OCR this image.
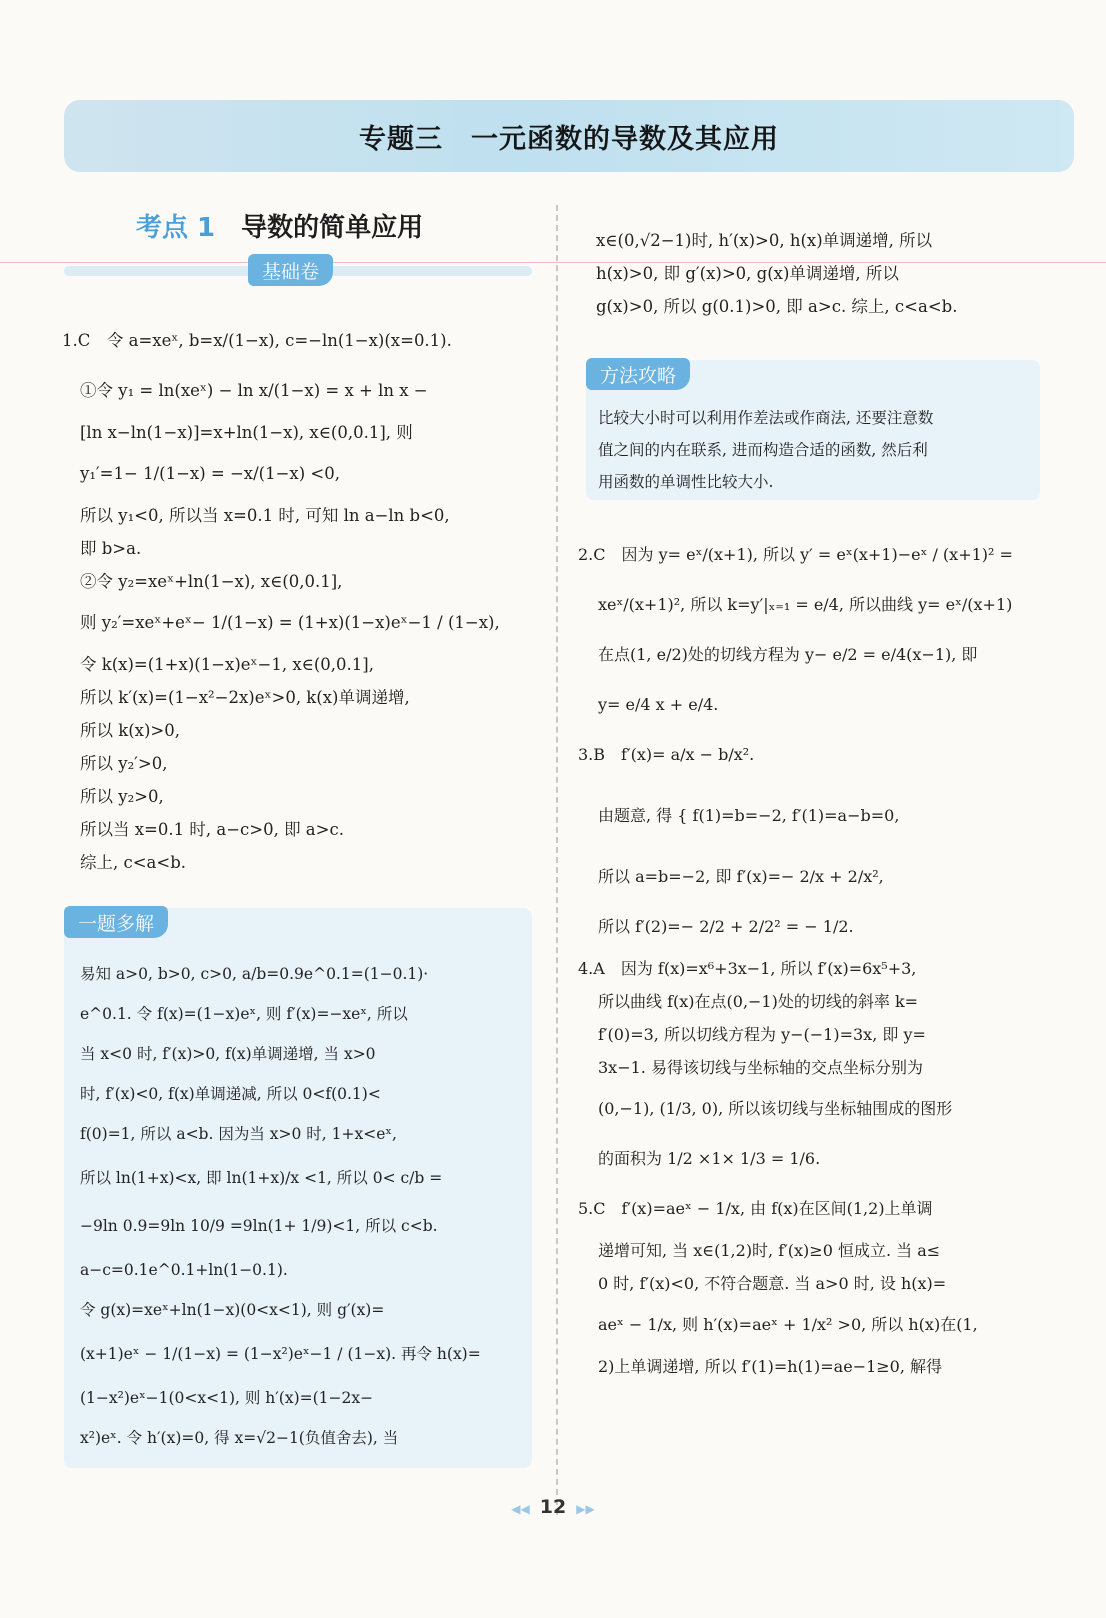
专题三　一元函数的导数及其应用
考点 1 导数的简单应用
基础卷
1.C　令 a=xeˣ, b=x/(1−x), c=−ln(1−x)(x=0.1).
①令 y₁ = ln(xeˣ) − ln x/(1−x) = x + ln x −
[ln x−ln(1−x)]=x+ln(1−x), x∈(0,0.1], 则
y₁′=1− 1/(1−x) = −x/(1−x) <0,
所以 y₁<0, 所以当 x=0.1 时, 可知 ln a−ln b<0,
即 b>a.
②令 y₂=xeˣ+ln(1−x), x∈(0,0.1],
则 y₂′=xeˣ+eˣ− 1/(1−x) = (1+x)(1−x)eˣ−1 / (1−x),
令 k(x)=(1+x)(1−x)eˣ−1, x∈(0,0.1],
所以 k′(x)=(1−x²−2x)eˣ>0, k(x)单调递增,
所以 k(x)>0,
所以 y₂′>0,
所以 y₂>0,
所以当 x=0.1 时, a−c>0, 即 a>c.
综上, c<a<b.
易知 a>0, b>0, c>0, a/b=0.9e^0.1=(1−0.1)·
e^0.1. 令 f(x)=(1−x)eˣ, 则 f′(x)=−xeˣ, 所以
当 x<0 时, f′(x)>0, f(x)单调递增, 当 x>0
时, f′(x)<0, f(x)单调递减, 所以 0<f(0.1)<
f(0)=1, 所以 a<b. 因为当 x>0 时, 1+x<eˣ,
所以 ln(1+x)<x, 即 ln(1+x)/x <1, 所以 0< c/b =
−9ln 0.9=9ln 10/9 =9ln(1+ 1/9)<1, 所以 c<b.
a−c=0.1e^0.1+ln(1−0.1).
令 g(x)=xeˣ+ln(1−x)(0<x<1), 则 g′(x)=
(x+1)eˣ − 1/(1−x) = (1−x²)eˣ−1 / (1−x). 再令 h(x)=
(1−x²)eˣ−1(0<x<1), 则 h′(x)=(1−2x−
x²)eˣ. 令 h′(x)=0, 得 x=√2−1(负值舍去), 当
一题多解
x∈(0,√2−1)时, h′(x)>0, h(x)单调递增, 所以
h(x)>0, 即 g′(x)>0, g(x)单调递增, 所以
g(x)>0, 所以 g(0.1)>0, 即 a>c. 综上, c<a<b.
比较大小时可以利用作差法或作商法, 还要注意数
值之间的内在联系, 进而构造合适的函数, 然后利
用函数的单调性比较大小.
方法攻略
2.C　因为 y= eˣ/(x+1), 所以 y′ = eˣ(x+1)−eˣ / (x+1)² =
xeˣ/(x+1)², 所以 k=y′|ₓ₌₁ = e/4, 所以曲线 y= eˣ/(x+1)
在点(1, e/2)处的切线方程为 y− e/2 = e/4(x−1), 即
y= e/4 x + e/4.
3.B　f′(x)= a/x − b/x².
由题意, 得 { f(1)=b=−2, f′(1)=a−b=0,
所以 a=b=−2, 即 f′(x)=− 2/x + 2/x²,
所以 f′(2)=− 2/2 + 2/2² = − 1/2.
4.A　因为 f(x)=x⁶+3x−1, 所以 f′(x)=6x⁵+3,
所以曲线 f(x)在点(0,−1)处的切线的斜率 k=
f′(0)=3, 所以切线方程为 y−(−1)=3x, 即 y=
3x−1. 易得该切线与坐标轴的交点坐标分别为
(0,−1), (1/3, 0), 所以该切线与坐标轴围成的图形
的面积为 1/2 ×1× 1/3 = 1/6.
5.C　f′(x)=aeˣ − 1/x, 由 f(x)在区间(1,2)上单调
递增可知, 当 x∈(1,2)时, f′(x)≥0 恒成立. 当 a≤
0 时, f′(x)<0, 不符合题意. 当 a>0 时, 设 h(x)=
aeˣ − 1/x, 则 h′(x)=aeˣ + 1/x² >0, 所以 h(x)在(1,
2)上单调递增, 所以 f′(1)=h(1)=ae−1≥0, 解得
◀◀ 12 ▶▶
